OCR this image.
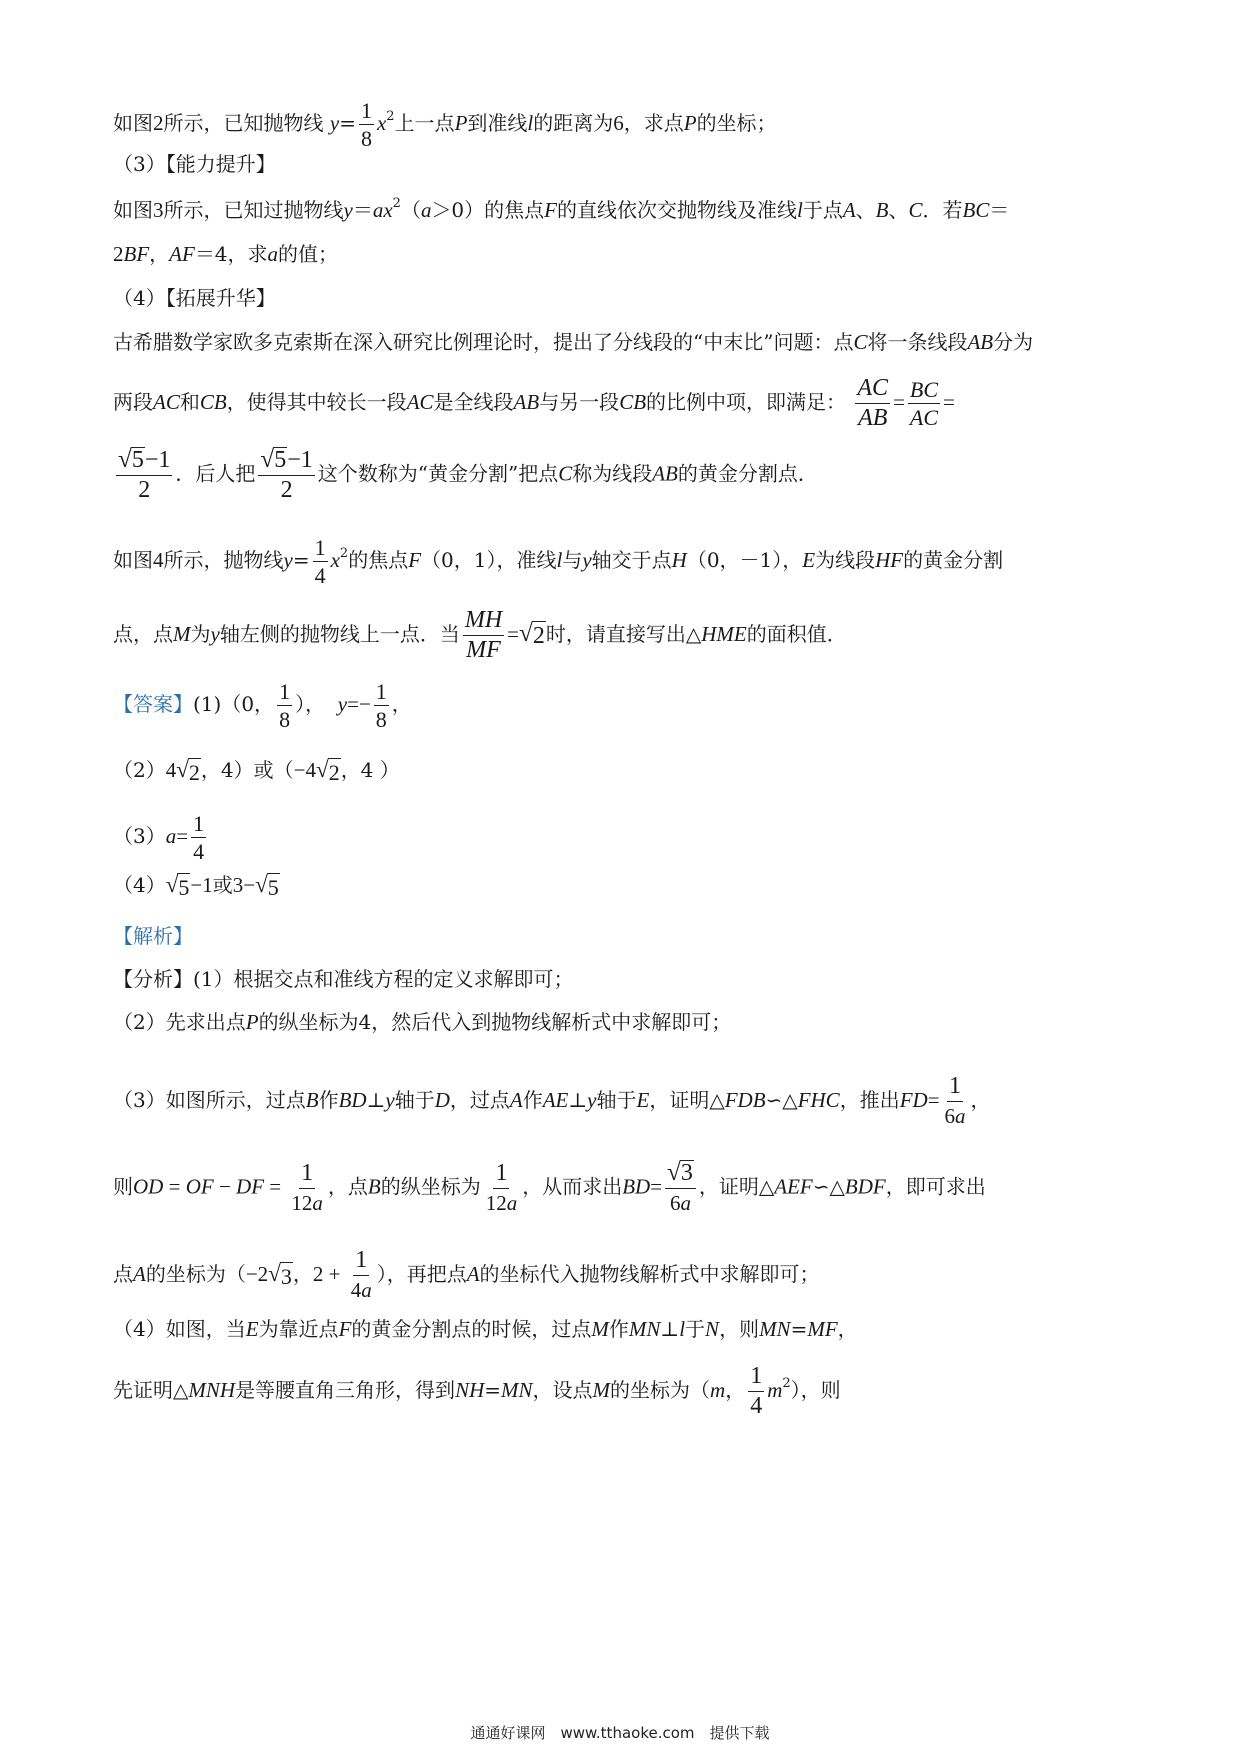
如图2所示，已知抛物线 $y= \frac{1}{8} x^2$上一点P到准线l的距离为6，求点P的坐标；
（3）【能力提升】
如图3所示，已知过抛物线$y=ax^2(a>0)$的焦点F的直线依次交抛物线及准线l于点A、B、C．若BC＝
2BF，AF＝4，求a的值；
（4）【拓展升华】
古希腊数学家欧多克索斯在深入研究比例理论时，提出了分线段的“中末比”问题：点C将一条线段AB分为
两段AC和CB，使得其中较长一段AC是全线段AB与另一段CB的比例中项，即满足： $\frac{AC}{AB} = \frac{BC}{AC}$ =
$\frac{√ 5 -1}{2}$ ．后人把 $\frac{√ 5 -1}{2}$ 这个数称为“黄金分割”把点C称为线段AB的黄金分割点．
如图4所示，抛物线$y= \frac{1}{4} x^2$的焦点F（0，1），准线l与y轴交于点H（0，－1），E为线段HF的黄金分割
点，点M为y轴左侧的抛物线上一点．当 $\frac{MH}{MF}$ = √ 2 时，请直接写出△HME的面积值．
【答案】(1)（0， $\frac{1}{8}$ ）， $y=- \frac{1}{8}$ ，
（2）4 √ 2 ，4）或（−4 √ 2 ，4 ）
$(3)a= \frac{1}{4}$
（4） √ 5 −1或3− √ 5
【解析】
【分析】(1）根据交点和准线方程的定义求解即可；
（2）先求出点P的纵坐标为4，然后代入到抛物线解析式中求解即可；
（3）如图所示，过点B作BD⊥y轴于D，过点A作AE⊥y轴于E，证明△FDB∽△FHC，推出$FD= \frac{1}{6a}$ ，
则OD = OF − DF = $\frac{1}{12a}$ ，点B的纵坐标为 $\frac{1}{12a}$ ，从而求出$BD= \frac{√ 3}{6a}$ ，证明△AEF∽△BDF，即可求出
点A的坐标为（−2 √ 3 ，$2 + \frac{1}{4a}$ ），再把点A的坐标代入抛物线解析式中求解即可；
（4）如图，当E为靠近点F的黄金分割点的时候，过点M作MN⊥l于N，则MN=MF，
先证明△MNH是等腰直角三角形，得到NH=MN，设点M的坐标为（m， $\frac{1}{4} m^2$），则
通通好课网　www.tthaoke.com　提供下载
